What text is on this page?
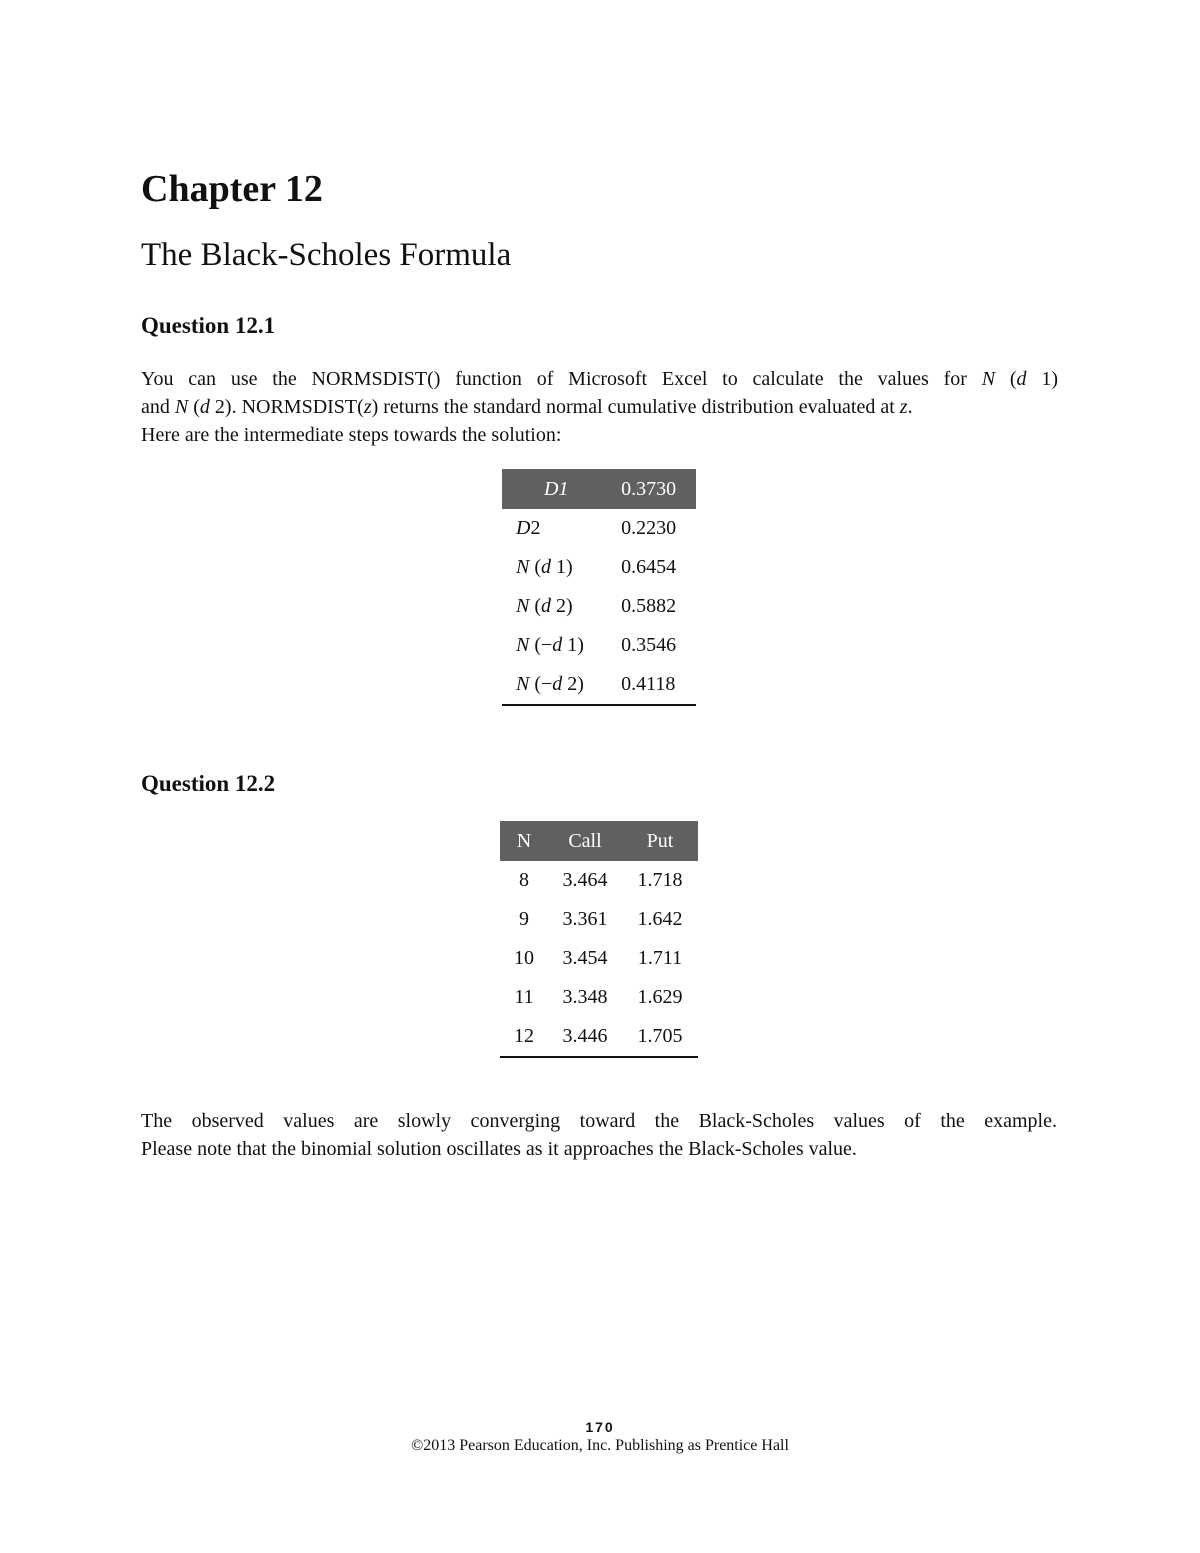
Chapter 12
The Black-Scholes Formula
Question 12.1

You can use the NORMSDIST() function of Microsoft Excel to calculate the values for N (d 1)
and N (d 2). NORMSDIST(z) returns the standard normal cumulative distribution evaluated at z.
Here are the intermediate steps towards the solution:

D1	0.3730
D2	0.2230
N (d 1)	0.6454
N (d 2)	0.5882
N (−d 1)	0.3546
N (−d 2)	0.4118
Question 12.2
N	Call	Put
8	3.464	1.718
9	3.361	1.642
10	3.454	1.711
11	3.348	1.629
12	3.446	1.705

The observed values are slowly converging toward the Black-Scholes values of the example.
Please note that the binomial solution oscillates as it approaches the Black-Scholes value.

170
©2013 Pearson Education, Inc. Publishing as Prentice Hall
